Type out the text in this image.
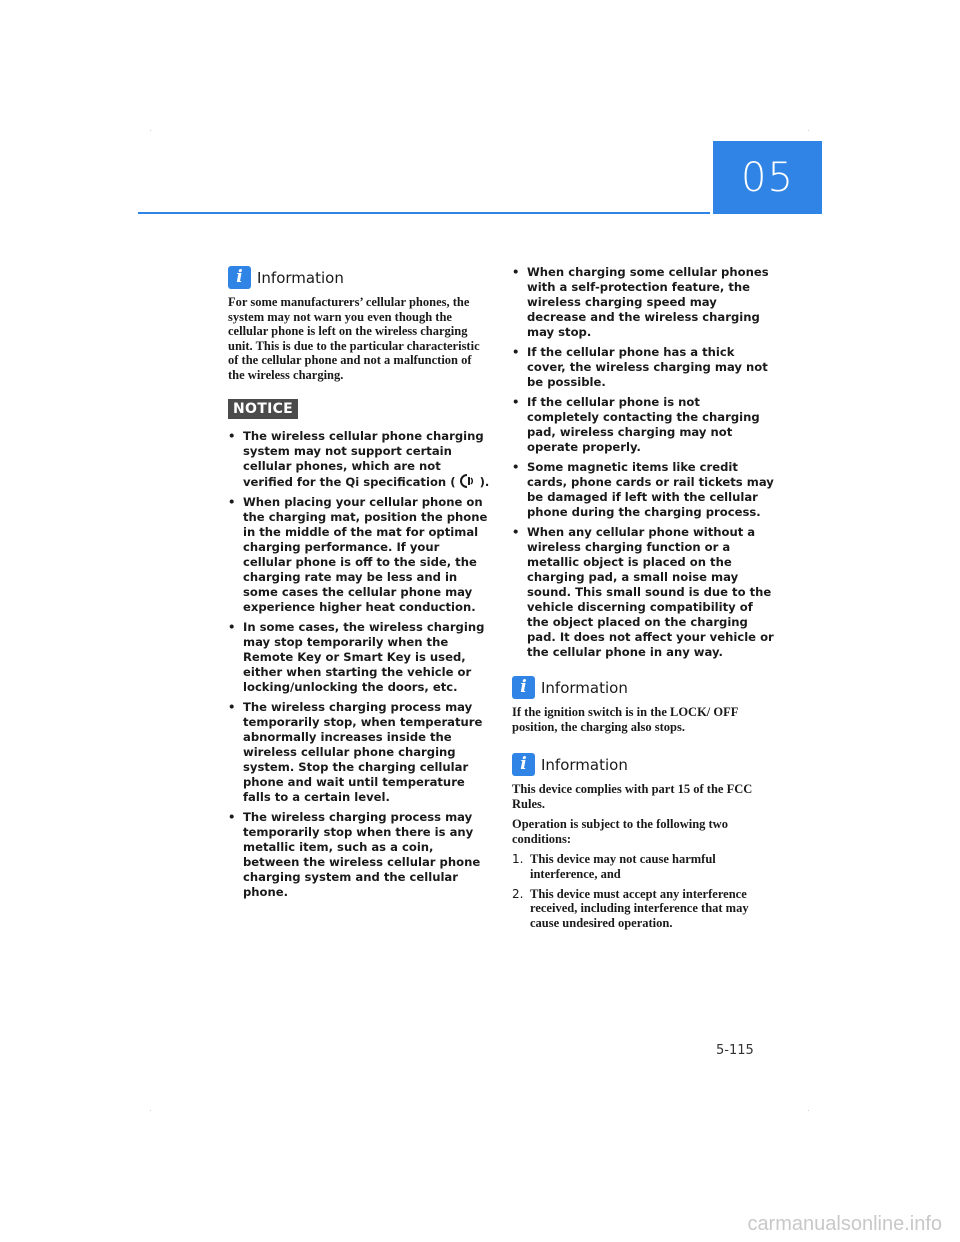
05
i Information

For some manufacturers’ cellular phones, the system may not warn you even though the cellular phone is left on the wireless charging unit. This is due to the particular characteristic of the cellular phone and not a malfunction of the wireless charging.

NOTICE
• The wireless cellular phone charging system may not support certain cellular phones, which are not verified for the Qi specification ( ).
• When placing your cellular phone on the charging mat, position the phone in the middle of the mat for optimal charging performance. If your cellular phone is off to the side, the charging rate may be less and in some cases the cellular phone may experience higher heat conduction.
• In some cases, the wireless charging may stop temporarily when the Remote Key or Smart Key is used, either when starting the vehicle or locking/unlocking the doors, etc.
• The wireless charging process may temporarily stop, when temperature abnormally increases inside the wireless cellular phone charging system. Stop the charging cellular phone and wait until temperature falls to a certain level.
• The wireless charging process may temporarily stop when there is any metallic item, such as a coin, between the wireless cellular phone charging system and the cellular phone.
• When charging some cellular phones with a self-protection feature, the wireless charging speed may decrease and the wireless charging may stop.
• If the cellular phone has a thick cover, the wireless charging may not be possible.
• If the cellular phone is not completely contacting the charging pad, wireless charging may not operate properly.
• Some magnetic items like credit cards, phone cards or rail tickets may be damaged if left with the cellular phone during the charging process.
• When any cellular phone without a wireless charging function or a metallic object is placed on the charging pad, a small noise may sound. This small sound is due to the vehicle discerning compatibility of the object placed on the charging pad. It does not affect your vehicle or the cellular phone in any way.
i Information

If the ignition switch is in the LOCK/ OFF position, the charging also stops.

i Information

This device complies with part 15 of the FCC Rules.

Operation is subject to the following two conditions:

1. This device may not cause harmful interference, and

2. This device must accept any interference received, including interference that may cause undesired operation.

5-115
carmanualsonline.info
